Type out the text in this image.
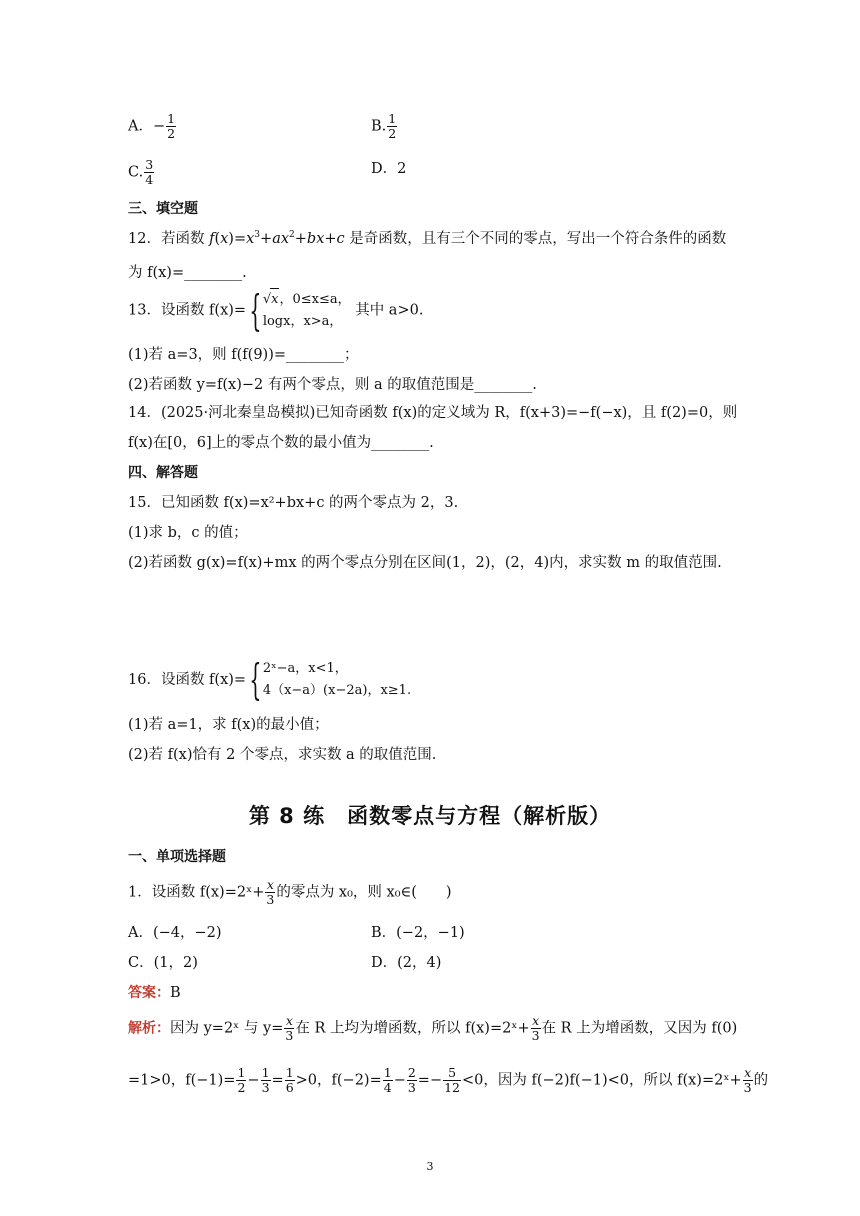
A．− $\frac{1}{2}$	B. $\frac{1}{2}$
C. $\frac{3}{4}$	D．2
三、填空题
12．若函数 $f(x)=x^3+ax^2+bx+c$ 是奇函数，且有三个不同的零点，写出一个符合条件的函数
为 f(x)=________.
13．设函数 f(x)={ √x，0≤x≤a，
logx，x>a，
其中 a>0.
(1)若 a=3，则 f(f(9))=________；
(2)若函数 y=f(x)−2 有两个零点，则 a 的取值范围是________.
14．(2025·河北秦皇岛模拟)已知奇函数 f(x)的定义域为 R，f(x+3)=−f(−x)，且 f(2)=0，则
f(x)在[0，6]上的零点个数的最小值为________.
四、解答题
15．已知函数 f(x)=x²+bx+c 的两个零点为 2，3.
(1)求 b，c 的值；
(2)若函数 g(x)=f(x)+mx 的两个零点分别在区间(1，2)，(2，4)内，求实数 m 的取值范围.
16．设函数 f(x)={ 2ˣ−a，x<1，
4（x−a）(x−2a)，x≥1.
(1)若 a=1，求 f(x)的最小值；
(2)若 f(x)恰有 2 个零点，求实数 a 的取值范围.
第 8 练　函数零点与方程（解析版）
一、单项选择题
1．设函数 f(x)=2ˣ+ $\frac{x}{3}$ 的零点为 x₀，则 x₀∈(　　)
A．(−4，−2)	B．(−2，−1)
C．(1，2)	D．(2，4)
答案：B
解析：因为 y=2ˣ 与 $y= \frac{x}{3}$ 在 R 上均为增函数，所以 f(x)=2ˣ+ $\frac{x}{3}$ 在 R 上为增函数，又因为 f(0)
=1>0，$f(-1)= \frac{1}{2} - \frac{1}{3} = \frac{1}{6} >0$，$f(-2)= \frac{1}{4} - \frac{2}{3} =- \frac{5}{12} <0$，因为 f(−2)f(−1)<0，所以 f(x)=2ˣ+ $\frac{x}{3}$ 的
3
